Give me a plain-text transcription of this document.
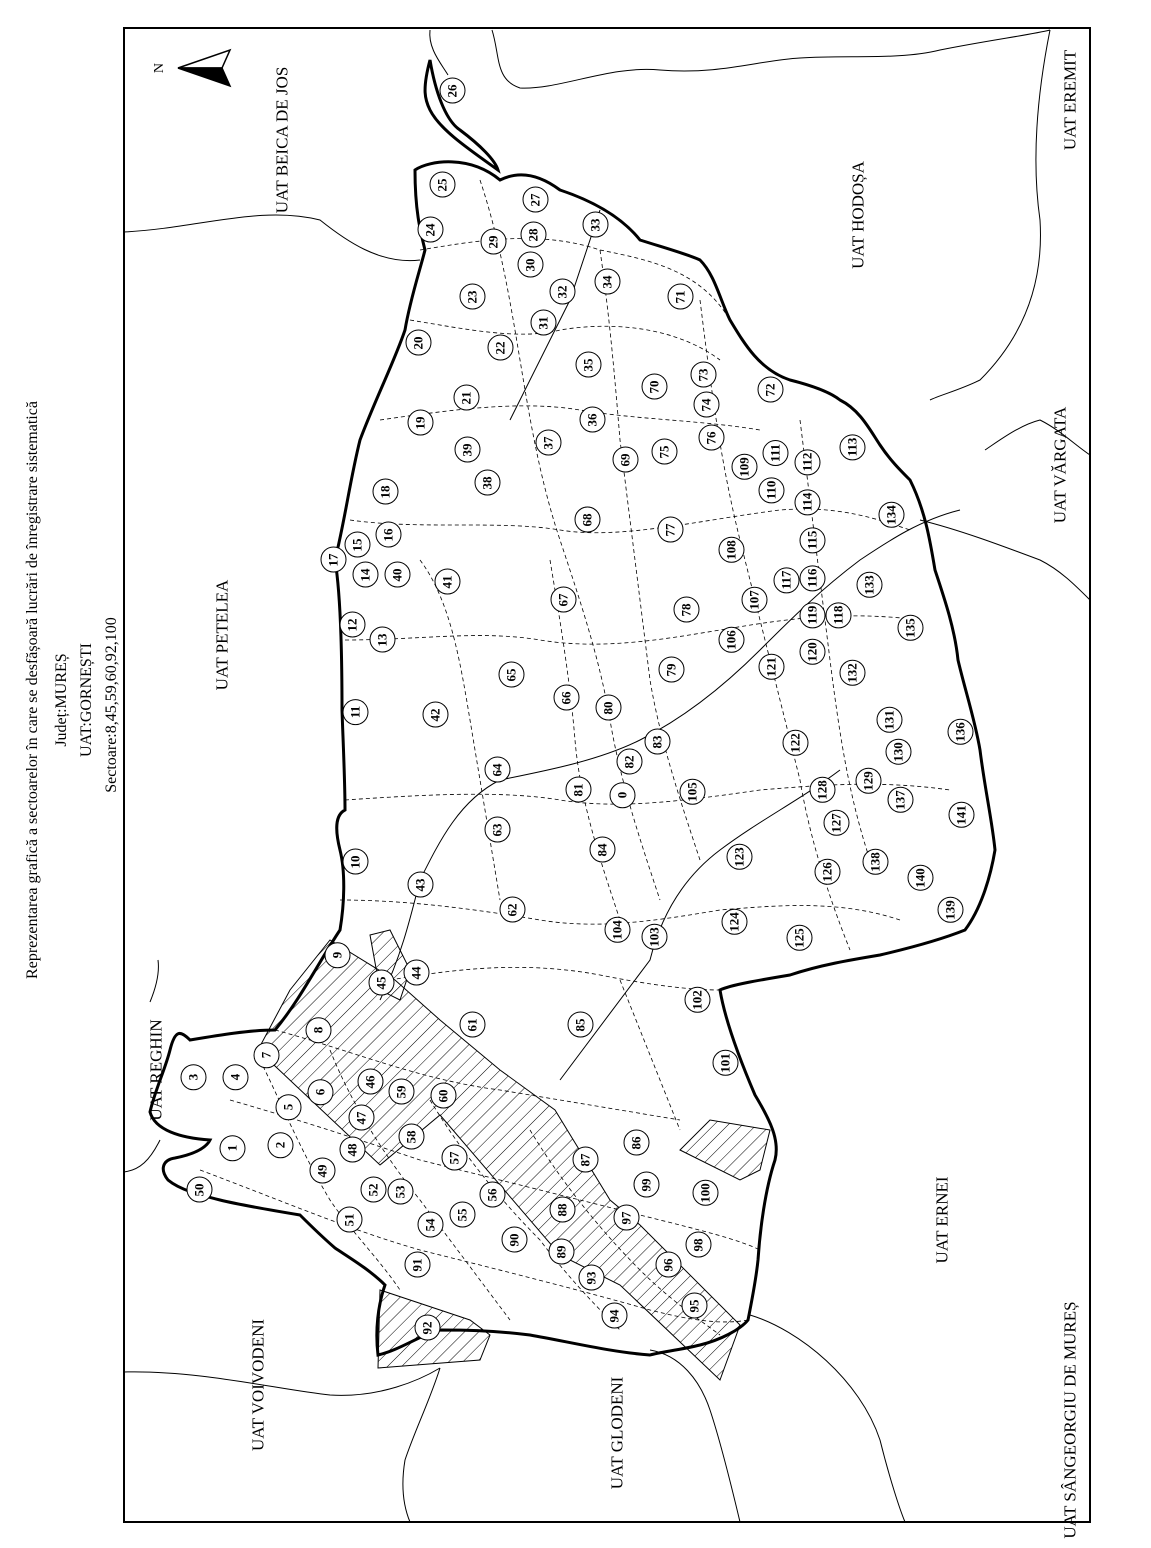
Reprezentarea grafică a sectoarelor în care se desfășoară lucrări de înregistrare sistematică Județ:MUREȘ UAT:GORNEȘTI Sectoare:8,45,59,60,92,100
N	UAT BEICA DE JOS	UAT EREMIT
UAT HODOȘA
UAT PETELEA
UAT REGHIN
UAT VĂRGATA
UAT VOIVODENI	UAT GLODENI
UAT ERNEI
UAT SÂNGEORGIU DE MUREȘ
1	2
3 4
5
6
7
8
9
10
11
12
13
14
15
16
17
18
19
20
21
22
23
24
25
26
27
28
29
30
31
32
33
34
35
36
37
38
39
40
41
42
43
44
45
46
47
48
49
50
51
52 53
54
55
56
57
58
59 60
61
62
63
64
65
66
67
68
69
70
71
72
73
74
75
76
77
78
79
80
81
82
83
84
85
86
87
88
89
90
91
92
93
94
95
96
97
98
99	100
101
102
103
104
105
106
107
108
109
110
111 112
113
114
115
116
117
118
119
120
121
122
123
124
125
126
127
128 129
130
131
132
133
134
135
136
137
138
139
140
141
0
